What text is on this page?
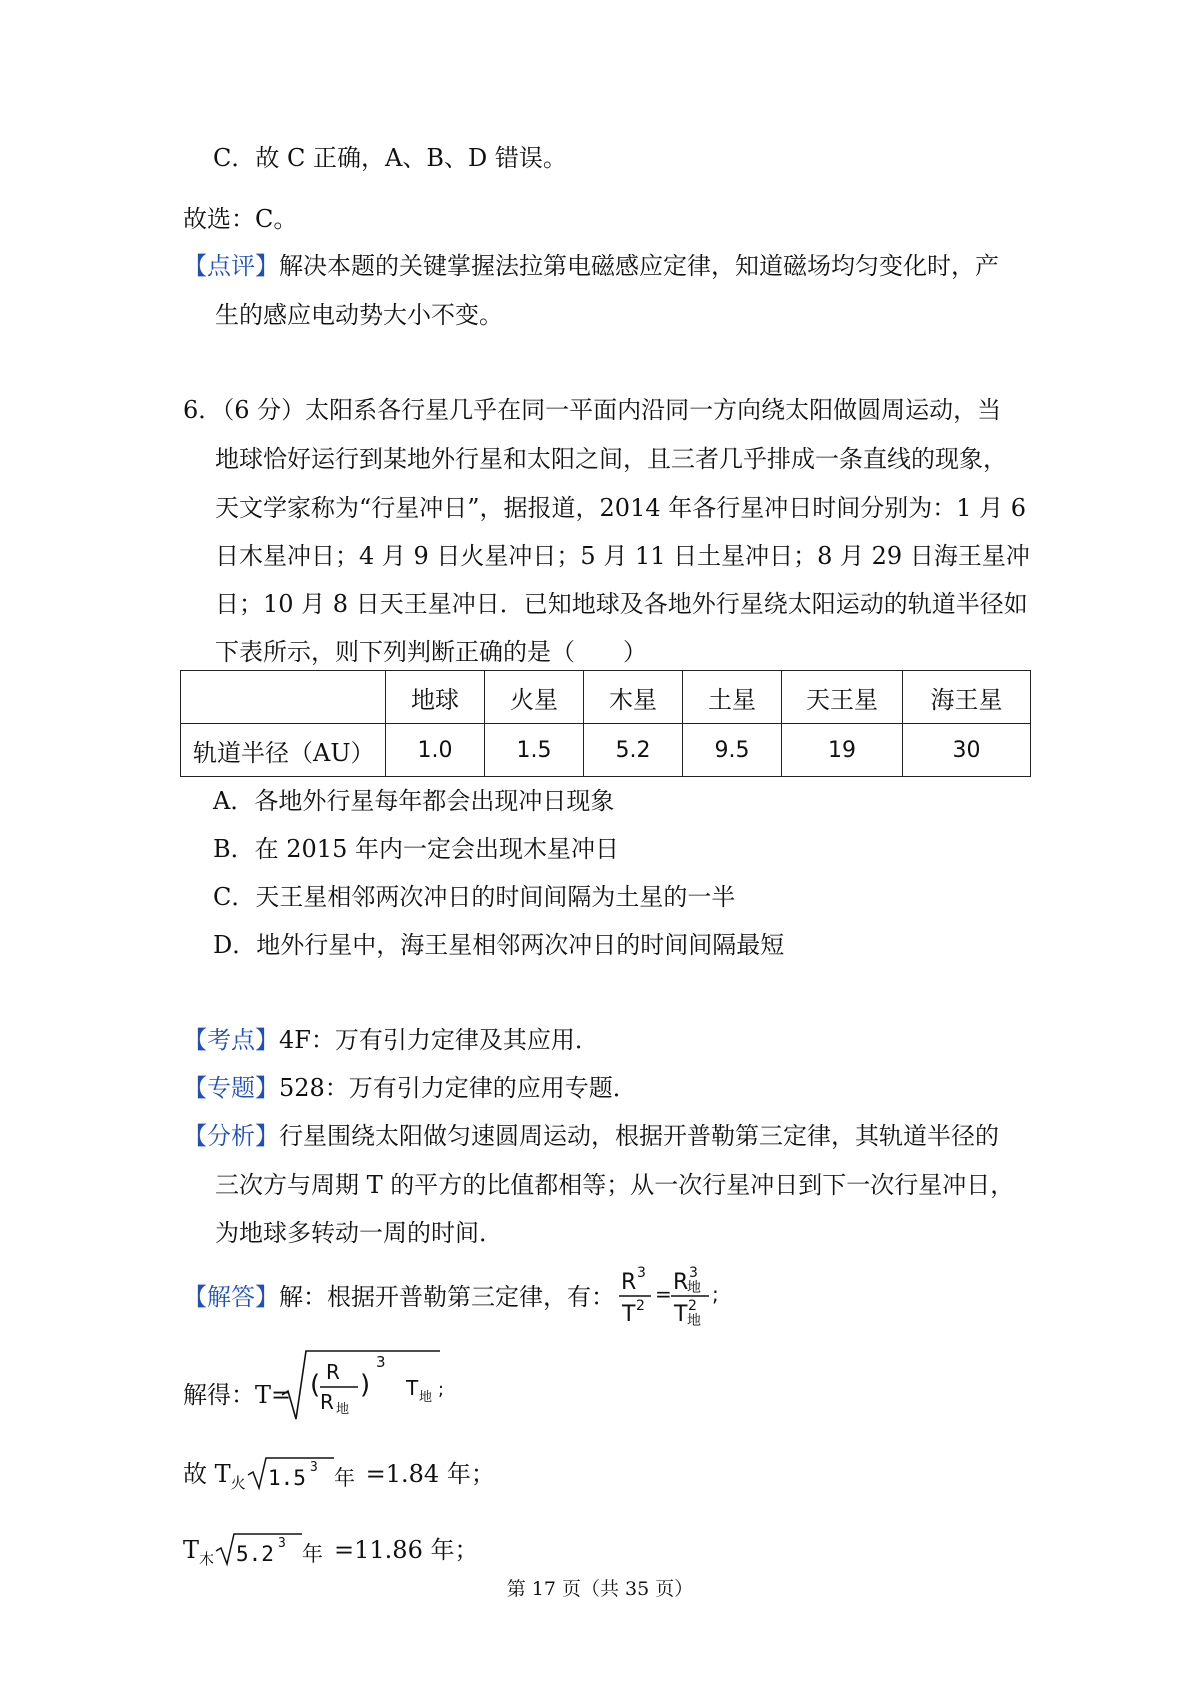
C．故 C 正确，A、B、D 错误。
故选：C。
【点评】解决本题的关键掌握法拉第电磁感应定律，知道磁场均匀变化时，产
生的感应电动势大小不变。
6．（6 分）太阳系各行星几乎在同一平面内沿同一方向绕太阳做圆周运动，当
地球恰好运行到某地外行星和太阳之间，且三者几乎排成一条直线的现象，
天文学家称为“行星冲日”，据报道，2014 年各行星冲日时间分别为：1 月 6
日木星冲日；4 月 9 日火星冲日；5 月 11 日土星冲日；8 月 29 日海王星冲
日；10 月 8 日天王星冲日．已知地球及各地外行星绕太阳运动的轨道半径如
下表所示，则下列判断正确的是（　　）
	地球	火星	木星	土星	天王星	海王星
轨道半径（AU）	1.0	1.5	5.2	9.5	19	30
A．各地外行星每年都会出现冲日现象
B．在 2015 年内一定会出现木星冲日
C．天王星相邻两次冲日的时间间隔为土星的一半
D．地外行星中，海王星相邻两次冲日的时间间隔最短
【考点】4F：万有引力定律及其应用．
【专题】528：万有引力定律的应用专题．
【分析】行星围绕太阳做匀速圆周运动，根据开普勒第三定律，其轨道半径的
三次方与周期 T 的平方的比值都相等；从一次行星冲日到下一次行星冲日，
为地球多转动一周的时间．
【解答】解：根据开普勒第三定律，有：
R 3
T 2 = R 3
地
T 2
地
;
解得：T= ( R
R 地
)
3
T 地 ;
故 $T_火$ 1.5 3 年 =1.84 年；
$T_木$ 5.2 3 年 =11.86 年；
第 17 页（共 35 页）
